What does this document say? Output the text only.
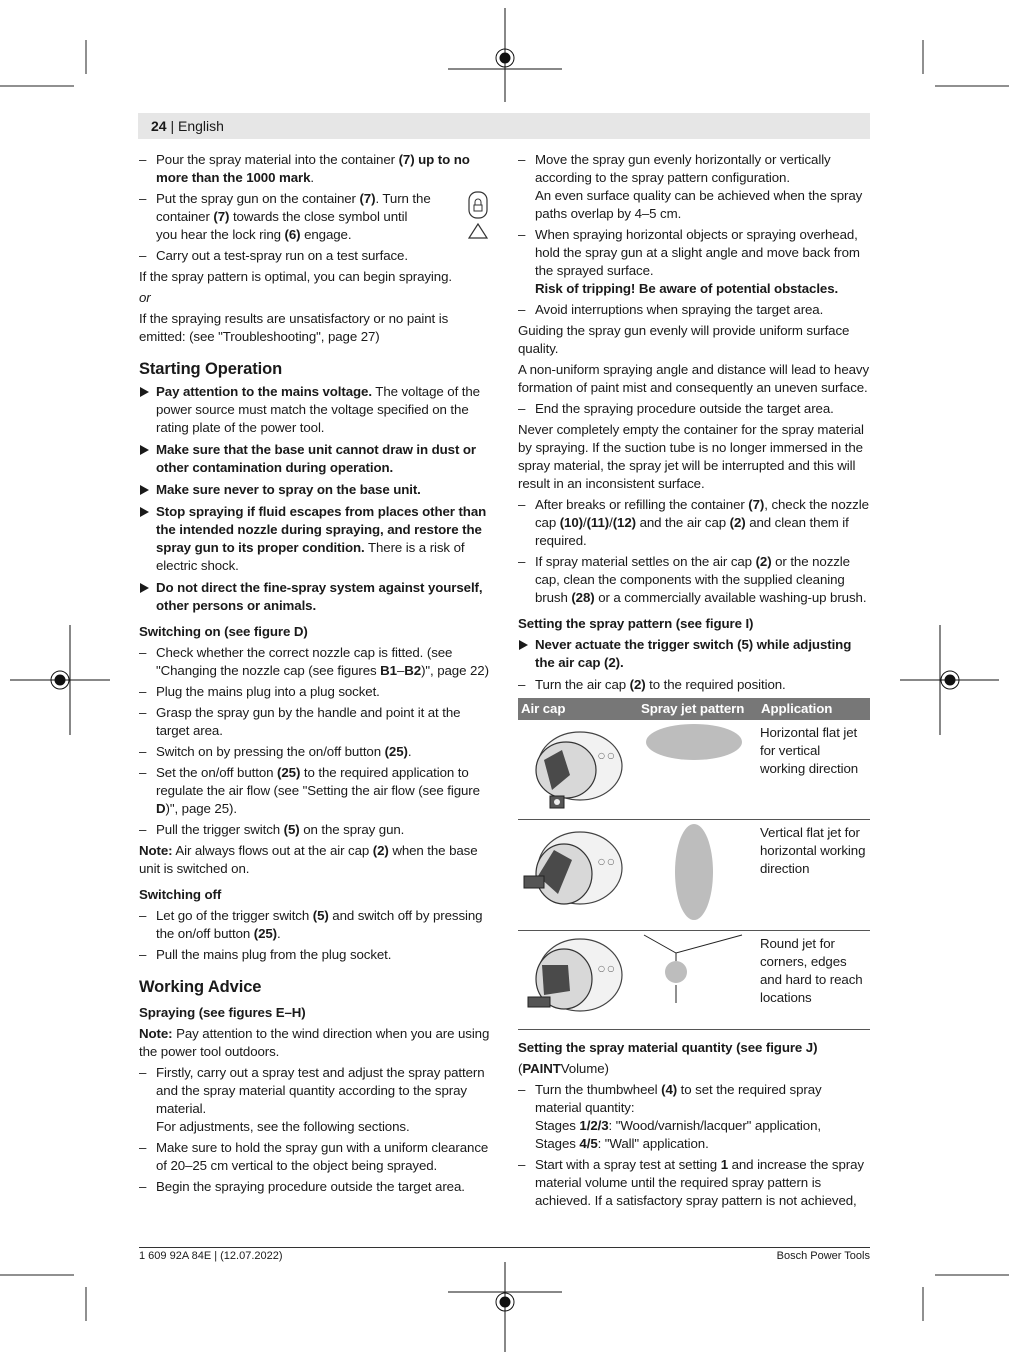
24 | English
– Pour the spray material into the container (7) up to no more than the 1000 mark.
– Put the spray gun on the container (7). Turn the container (7) towards the close symbol until you hear the lock ring (6) engage.
– Carry out a test-spray run on a test surface.

If the spray pattern is optimal, you can begin spraying.

or

If the spraying results are unsatisfactory or no paint is emitted: (see "Troubleshooting", page 27)

Starting Operation
Pay attention to the mains voltage. The voltage of the power source must match the voltage specified on the rating plate of the power tool.
Make sure that the base unit cannot draw in dust or other contamination during operation.
Make sure never to spray on the base unit.
Stop spraying if fluid escapes from places other than the intended nozzle during spraying, and restore the spray gun to its proper condition. There is a risk of electric shock.
Do not direct the fine-spray system against yourself, other persons or animals.
Switching on (see figure D)
– Check whether the correct nozzle cap is fitted. (see "Changing the nozzle cap (see figures B1–B2)", page 22)
– Plug the mains plug into a plug socket.
– Grasp the spray gun by the handle and point it at the target area.
– Switch on by pressing the on/off button (25).
– Set the on/off button (25) to the required application to regulate the air flow (see "Setting the air flow (see figure D)", page 25).
– Pull the trigger switch (5) on the spray gun.

Note: Air always flows out at the air cap (2) when the base unit is switched on.

Switching off
– Let go of the trigger switch (5) and switch off by pressing the on/off button (25).
– Pull the mains plug from the plug socket.
Working Advice
Spraying (see figures E–H)

Note: Pay attention to the wind direction when you are using the power tool outdoors.

– Firstly, carry out a spray test and adjust the spray pattern and the spray material quantity according to the spray material.
For adjustments, see the following sections.
– Make sure to hold the spray gun with a uniform clearance of 20–25 cm vertical to the object being sprayed.
– Begin the spraying procedure outside the target area.
– Move the spray gun evenly horizontally or vertically according to the spray pattern configuration.
An even surface quality can be achieved when the spray paths overlap by 4–5 cm.
– When spraying horizontal objects or spraying overhead, hold the spray gun at a slight angle and move back from the sprayed surface.
Risk of tripping! Be aware of potential obstacles.
– Avoid interruptions when spraying the target area.

Guiding the spray gun evenly will provide uniform surface quality.

A non-uniform spraying angle and distance will lead to heavy formation of paint mist and consequently an uneven surface.

– End the spraying procedure outside the target area.

Never completely empty the container for the spray material by spraying. If the suction tube is no longer immersed in the spray material, the spray jet will be interrupted and this will result in an inconsistent surface.

– After breaks or refilling the container (7), check the nozzle cap (10)/(11)/(12) and the air cap (2) and clean them if required.
– If spray material settles on the air cap (2) or the nozzle cap, clean the components with the supplied cleaning brush (28) or a commercially available washing-up brush.
Setting the spray pattern (see figure I)
Never actuate the trigger switch (5) while adjusting the air cap (2).
– Turn the air cap (2) to the required position.
Air cap	Spray jet pattern	Application

○ ○		Horizontal flat jet for vertical working direction

○ ○		Vertical flat jet for horizontal working direction

○ ○		Round jet for corners, edges and hard to reach locations
Setting the spray material quantity (see figure J)

(PAINTVolume)

– Turn the thumbwheel (4) to set the required spray material quantity:
Stages 1/2/3: "Wood/varnish/lacquer" application,
Stages 4/5: "Wall" application.
– Start with a spray test at setting 1 and increase the spray material volume until the required spray pattern is achieved. If a satisfactory spray pattern is not achieved,
1 609 92A 84E | (12.07.2022)	Bosch Power Tools
